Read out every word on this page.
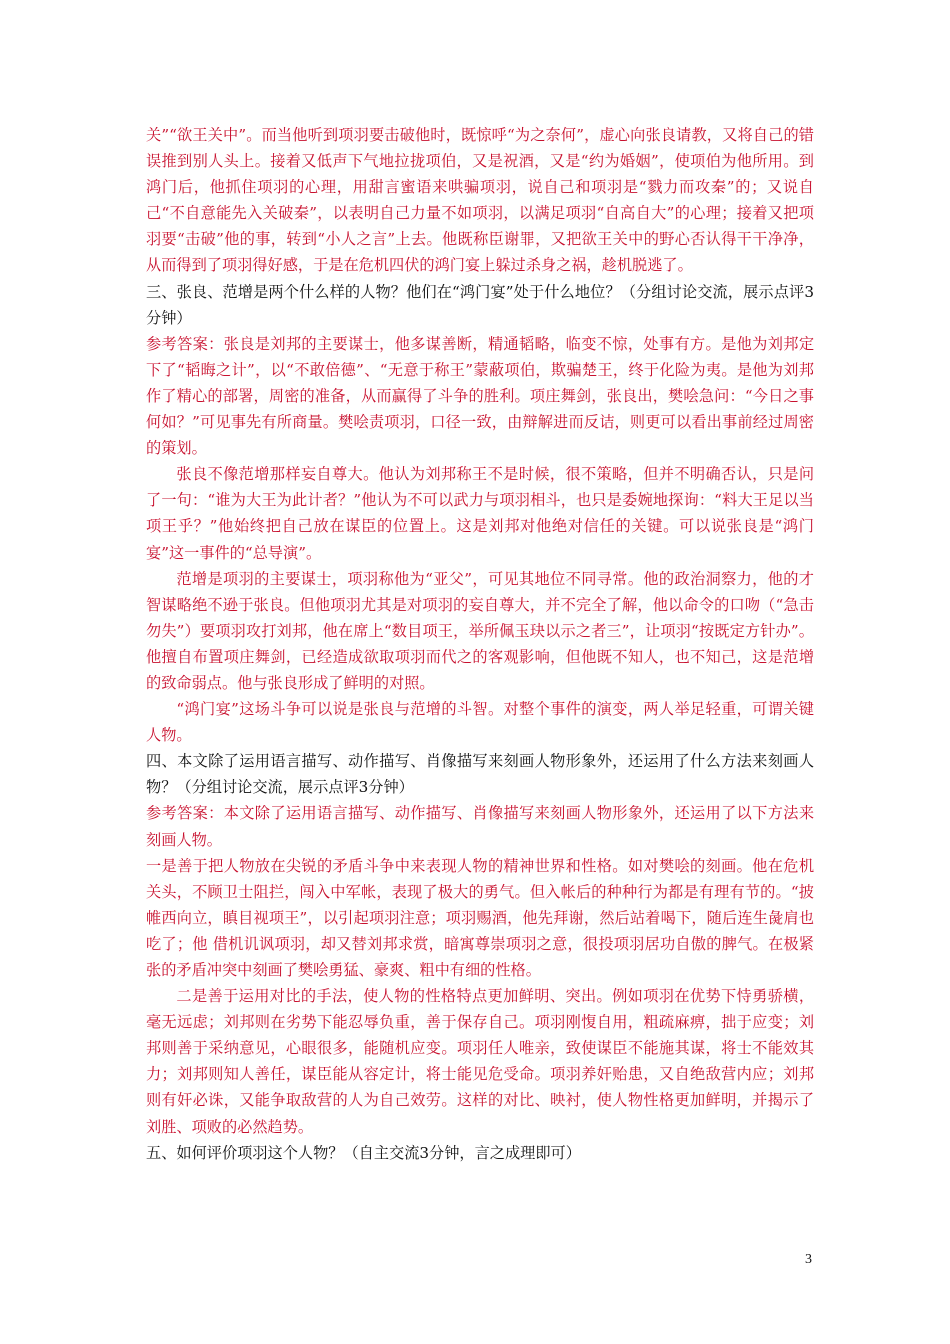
关”“欲王关中”。而当他听到项羽要击破他时，既惊呼“为之奈何”，虚心向张良请教，又将自己的错误推到别人头上。接着又低声下气地拉拢项伯，又是祝酒，又是“约为婚姻”，使项伯为他所用。到鸿门后，他抓住项羽的心理，用甜言蜜语来哄骗项羽，说自己和项羽是“戮力而攻秦”的；又说自己“不自意能先入关破秦”，以表明自己力量不如项羽，以满足项羽“自高自大”的心理；接着又把项羽要“击破”他的事，转到“小人之言”上去。他既称臣谢罪，又把欲王关中的野心否认得干干净净，从而得到了项羽得好感，于是在危机四伏的鸿门宴上躲过杀身之祸，趁机脱逃了。

三、张良、范增是两个什么样的人物？他们在“鸿门宴”处于什么地位？（分组讨论交流，展示点评3分钟）

参考答案：张良是刘邦的主要谋士，他多谋善断，精通韬略，临变不惊，处事有方。是他为刘邦定下了“韬晦之计”，以“不敢倍德”、“无意于称王”蒙蔽项伯，欺骗楚王，终于化险为夷。是他为刘邦 作了精心的部署，周密的准备，从而赢得了斗争的胜利。项庄舞剑，张良出，樊哙急问：“今日之事何如？”可见事先有所商量。樊哙责项羽，口径一致，由辩解进而反诘，则更可以看出事前经过周密的策划。

张良不像范增那样妄自尊大。他认为刘邦称王不是时候，很不策略，但并不明确否认，只是问了一句：“谁为大王为此计者？”他认为不可以武力与项羽相斗，也只是委婉地探询：“料大王足以当项王乎？”他始终把自己放在谋臣的位置上。这是刘邦对他绝对信任的关键。可以说张良是“鸿门宴”这一事件的“总导演”。

范增是项羽的主要谋士，项羽称他为“亚父”，可见其地位不同寻常。他的政治洞察力，他的才智谋略绝不逊于张良。但他项羽尤其是对项羽的妄自尊大，并不完全了解，他以命令的口吻（“急击勿失”）要项羽攻打刘邦，他在席上“数目项王，举所佩玉玦以示之者三”，让项羽“按既定方针办”。他擅自布置项庄舞剑，已经造成欲取项羽而代之的客观影响，但他既不知人，也不知己，这是范增的致命弱点。他与张良形成了鲜明的对照。

“鸿门宴”这场斗争可以说是张良与范增的斗智。对整个事件的演变，两人举足轻重，可谓关键人物。

四、本文除了运用语言描写、动作描写、肖像描写来刻画人物形象外，还运用了什么方法来刻画人物？（分组讨论交流，展示点评3分钟）

参考答案：本文除了运用语言描写、动作描写、肖像描写来刻画人物形象外，还运用了以下方法来刻画人物。

一是善于把人物放在尖锐的矛盾斗争中来表现人物的精神世界和性格。如对樊哙的刻画。他在危机关头，不顾卫士阻拦，闯入中军帐，表现了极大的勇气。但入帐后的种种行为都是有理有节的。“披帷西向立，瞋目视项王”，以引起项羽注意；项羽赐酒，他先拜谢，然后站着喝下，随后连生彘肩也吃了；他 借机讥讽项羽，却又替刘邦求赏，暗寓尊崇项羽之意，很投项羽居功自傲的脾气。在极紧张的矛盾冲突中刻画了樊哙勇猛、豪爽、粗中有细的性格。

二是善于运用对比的手法，使人物的性格特点更加鲜明、突出。例如项羽在优势下恃勇骄横，毫无远虑；刘邦则在劣势下能忍辱负重，善于保存自己。项羽刚愎自用，粗疏麻痹，拙于应变；刘邦则善于采纳意见，心眼很多，能随机应变。项羽任人唯亲，致使谋臣不能施其谋，将士不能效其力；刘邦则知人善任，谋臣能从容定计，将士能见危受命。项羽养奸贻患，又自绝敌营内应；刘邦则有奸必诛，又能争取敌营的人为自己效劳。这样的对比、映衬，使人物性格更加鲜明，并揭示了刘胜、项败的必然趋势。

五、如何评价项羽这个人物？（自主交流3分钟，言之成理即可）

3
